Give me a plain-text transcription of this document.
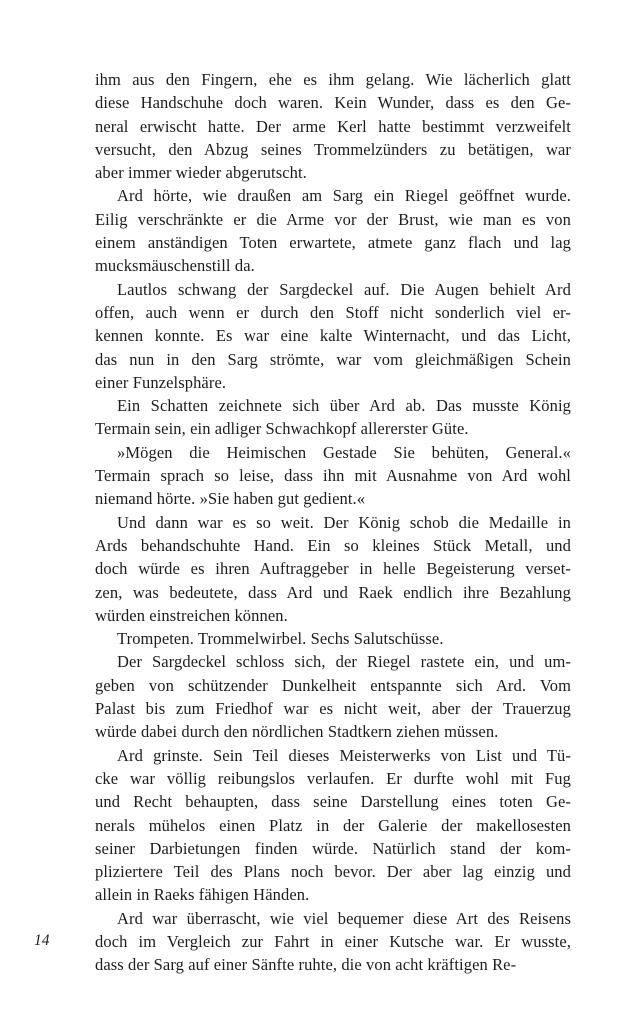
ihm aus den Fingern, ehe es ihm gelang. Wie lächerlich glatt
diese Handschuhe doch waren. Kein Wunder, dass es den Ge-
neral erwischt hatte. Der arme Kerl hatte bestimmt verzweifelt
versucht, den Abzug seines Trommelzünders zu betätigen, war
aber immer wieder abgerutscht.

Ard hörte, wie draußen am Sarg ein Riegel geöffnet wurde.
Eilig verschränkte er die Arme vor der Brust, wie man es von
einem anständigen Toten erwartete, atmete ganz flach und lag
mucksmäuschenstill da.

Lautlos schwang der Sargdeckel auf. Die Augen behielt Ard
offen, auch wenn er durch den Stoff nicht sonderlich viel er-
kennen konnte. Es war eine kalte Winternacht, und das Licht,
das nun in den Sarg strömte, war vom gleichmäßigen Schein
einer Funzelsphäre.

Ein Schatten zeichnete sich über Ard ab. Das musste König
Termain sein, ein adliger Schwachkopf allererster Güte.

»Mögen die Heimischen Gestade Sie behüten, General.«
Termain sprach so leise, dass ihn mit Ausnahme von Ard wohl
niemand hörte. »Sie haben gut gedient.«

Und dann war es so weit. Der König schob die Medaille in
Ards behandschuhte Hand. Ein so kleines Stück Metall, und
doch würde es ihren Auftraggeber in helle Begeisterung verset-
zen, was bedeutete, dass Ard und Raek endlich ihre Bezahlung
würden einstreichen können.

Trompeten. Trommelwirbel. Sechs Salutschüsse.

Der Sargdeckel schloss sich, der Riegel rastete ein, und um-
geben von schützender Dunkelheit entspannte sich Ard. Vom
Palast bis zum Friedhof war es nicht weit, aber der Trauerzug
würde dabei durch den nördlichen Stadtkern ziehen müssen.

Ard grinste. Sein Teil dieses Meisterwerks von List und Tü-
cke war völlig reibungslos verlaufen. Er durfte wohl mit Fug
und Recht behaupten, dass seine Darstellung eines toten Ge-
nerals mühelos einen Platz in der Galerie der makellosesten
seiner Darbietungen finden würde. Natürlich stand der kom-
pliziertere Teil des Plans noch bevor. Der aber lag einzig und
allein in Raeks fähigen Händen.

Ard war überrascht, wie viel bequemer diese Art des Reisens
doch im Vergleich zur Fahrt in einer Kutsche war. Er wusste,
dass der Sarg auf einer Sänfte ruhte, die von acht kräftigen Re-

14
